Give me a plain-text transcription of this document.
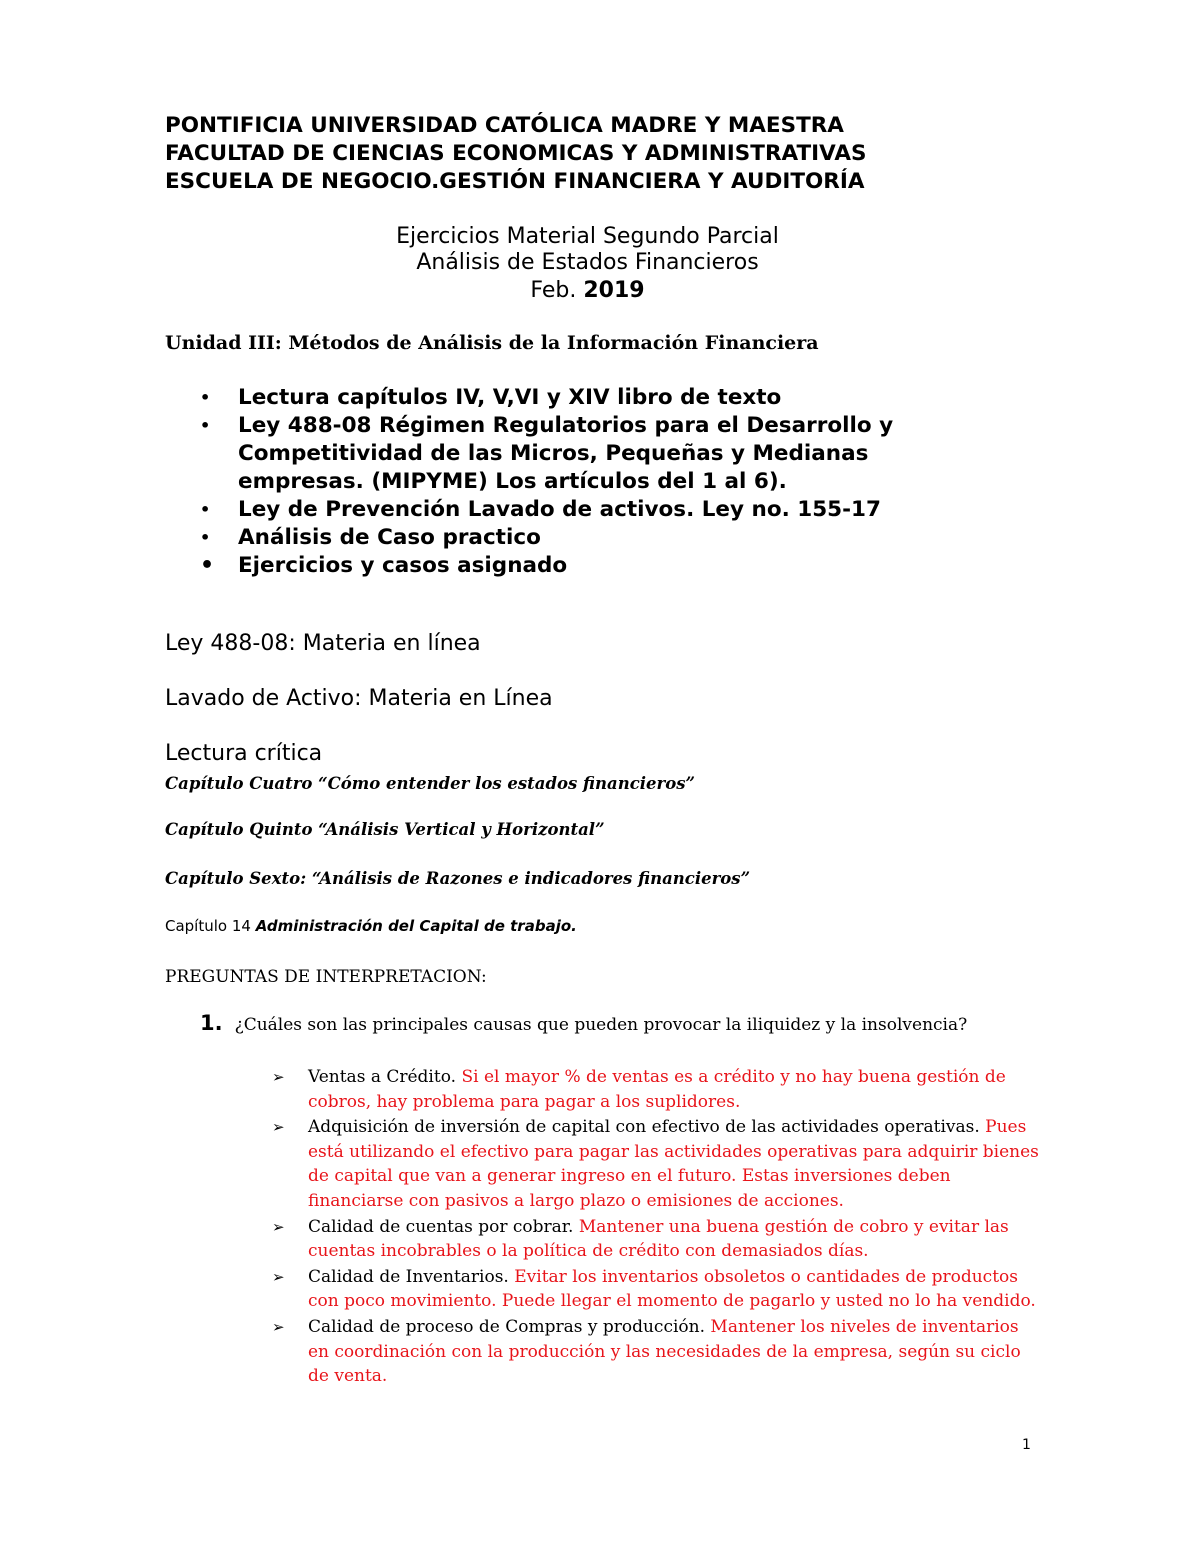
PONTIFICIA UNIVERSIDAD CATÓLICA MADRE Y MAESTRA
FACULTAD DE CIENCIAS ECONOMICAS Y ADMINISTRATIVAS
ESCUELA DE NEGOCIO.GESTIÓN FINANCIERA Y AUDITORÍA
Ejercicios Material Segundo Parcial
Análisis de Estados Financieros
Feb. 2019
Unidad III: Métodos de Análisis de la Información Financiera
• Lectura capítulos IV, V,VI y XIV libro de texto
• Ley 488-08 Régimen Regulatorios para el Desarrollo y Competitividad de las Micros, Pequeñas y Medianas empresas. (MIPYME) Los artículos del 1 al 6).
• Ley de Prevención Lavado de activos. Ley no. 155-17
• Análisis de Caso practico
• Ejercicios y casos asignado
Ley 488-08: Materia en línea
Lavado de Activo: Materia en Línea
Lectura crítica
Capítulo Cuatro “Cómo entender los estados financieros”
Capítulo Quinto “Análisis Vertical y Horizontal”
Capítulo Sexto: “Análisis de Razones e indicadores financieros”
Capítulo 14 Administración del Capital de trabajo.
PREGUNTAS DE INTERPRETACION:
1. ¿Cuáles son las principales causas que pueden provocar la iliquidez y la insolvencia?
➢ Ventas a Crédito. Si el mayor % de ventas es a crédito y no hay buena gestión de cobros, hay problema para pagar a los suplidores.
➢ Adquisición de inversión de capital con efectivo de las actividades operativas. Pues está utilizando el efectivo para pagar las actividades operativas para adquirir bienes de capital que van a generar ingreso en el futuro. Estas inversiones deben financiarse con pasivos a largo plazo o emisiones de acciones.
➢ Calidad de cuentas por cobrar. Mantener una buena gestión de cobro y evitar las cuentas incobrables o la política de crédito con demasiados días.
➢ Calidad de Inventarios. Evitar los inventarios obsoletos o cantidades de productos con poco movimiento. Puede llegar el momento de pagarlo y usted no lo ha vendido.
➢ Calidad de proceso de Compras y producción. Mantener los niveles de inventarios en coordinación con la producción y las necesidades de la empresa, según su ciclo de venta.
1
